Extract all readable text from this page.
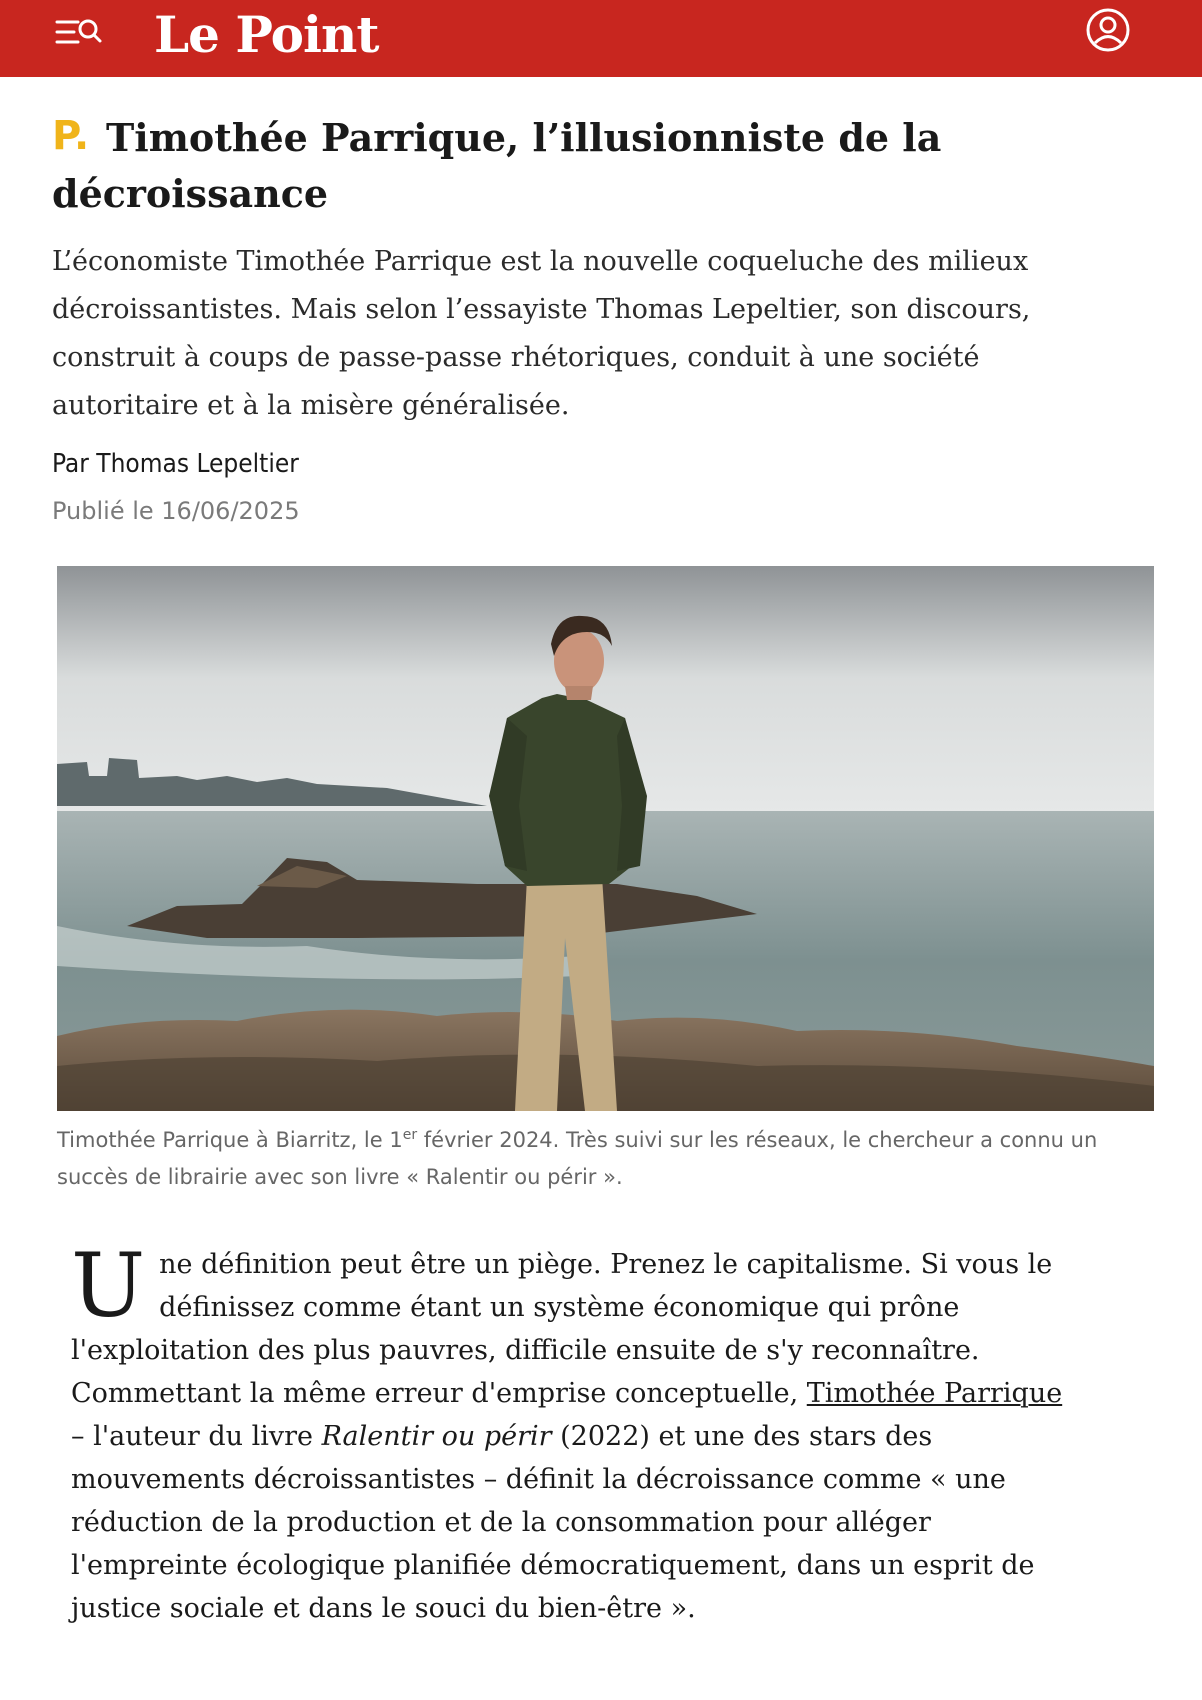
Le Point
P. Timothée Parrique, l’illusionniste de la décroissance

L’économiste Timothée Parrique est la nouvelle coqueluche des milieux décroissantistes. Mais selon l’essayiste Thomas Lepeltier, son discours, construit à coups de passe-passe rhétoriques, conduit à une société autoritaire et à la misère généralisée.

Par Thomas Lepeltier
Publié le 16/06/2025

Timothée Parrique à Biarritz, le 1er février 2024. Très suivi sur les réseaux, le chercheur a connu un succès de librairie avec son livre « Ralentir ou périr ».

Une définition peut être un piège. Prenez le capitalisme. Si vous le définissez comme étant un système économique qui prône l'exploitation des plus pauvres, difficile ensuite de s'y reconnaître. Commettant la même erreur d'emprise conceptuelle, Timothée Parrique – l'auteur du livre Ralentir ou périr (2022) et une des stars des mouvements décroissantistes – définit la décroissance comme « une réduction de la production et de la consommation pour alléger l'empreinte écologique planifiée démocratiquement, dans un esprit de justice sociale et dans le souci du bien-être ».
